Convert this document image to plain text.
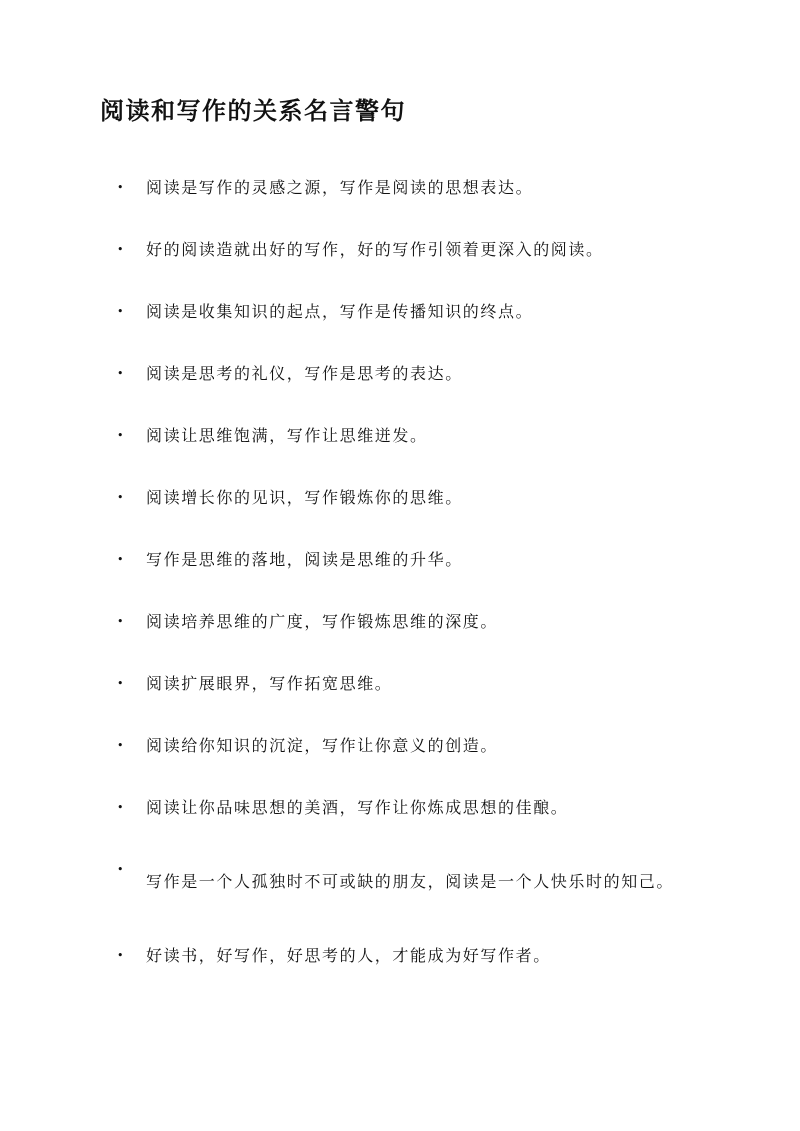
阅读和写作的关系名言警句
• 阅读是写作的灵感之源，写作是阅读的思想表达。
• 好的阅读造就出好的写作，好的写作引领着更深入的阅读。
• 阅读是收集知识的起点，写作是传播知识的终点。
• 阅读是思考的礼仪，写作是思考的表达。
• 阅读让思维饱满，写作让思维迸发。
• 阅读增长你的见识，写作锻炼你的思维。
• 写作是思维的落地，阅读是思维的升华。
• 阅读培养思维的广度，写作锻炼思维的深度。
• 阅读扩展眼界，写作拓宽思维。
• 阅读给你知识的沉淀，写作让你意义的创造。
• 阅读让你品味思想的美酒，写作让你炼成思想的佳酿。
•
写作是一个人孤独时不可或缺的朋友，阅读是一个人快乐时的知己。
• 好读书，好写作，好思考的人，才能成为好写作者。
